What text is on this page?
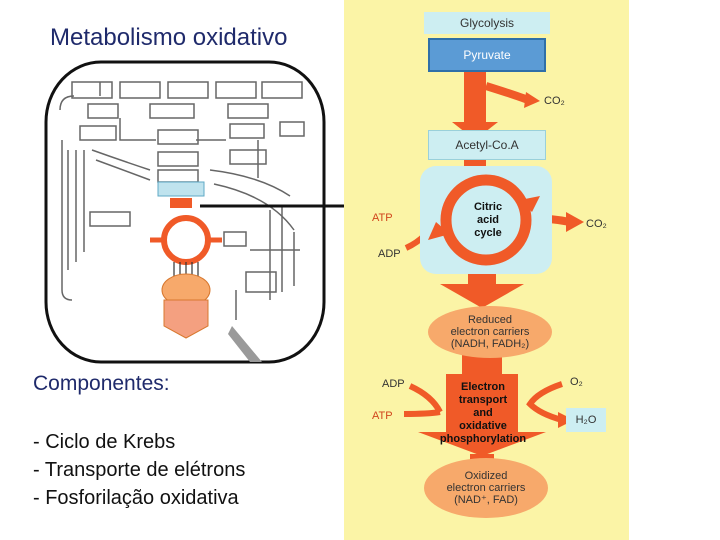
Metabolismo oxidativo
Componentes:
- Ciclo de Krebs
- Transporte de elétrons
- Fosforilação oxidativa
Glycolysis
Pyruvate
CO₂
Acetyl-Co.A
Citric
acid
cycle
ATP
ADP
CO₂
Reduced
electron carriers
(NADH, FADH₂)
ADP
ATP
O₂
H₂O
Electron
transport
and
oxidative
phosphorylation
Oxidized
electron carriers
(NAD⁺, FAD)
